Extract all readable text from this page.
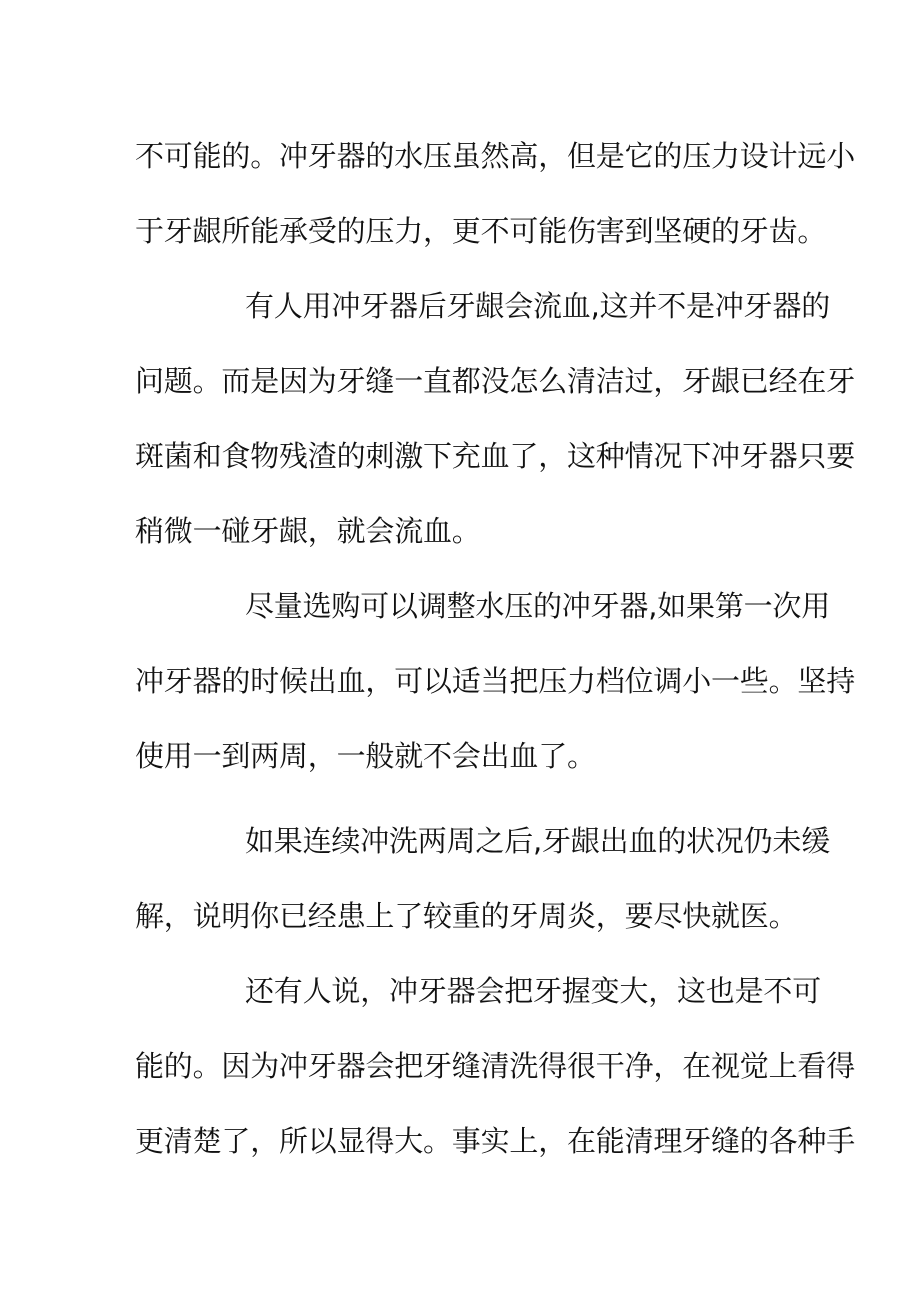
不可能的。冲牙器的水压虽然高，但是它的压力设计远小
于牙龈所能承受的压力，更不可能伤害到坚硬的牙齿。
有人用冲牙器后牙龈会流血,这并不是冲牙器的
问题。而是因为牙缝一直都没怎么清洁过，牙龈已经在牙
斑菌和食物残渣的刺激下充血了，这种情况下冲牙器只要
稍微一碰牙龈，就会流血。
尽量选购可以调整水压的冲牙器,如果第一次用
冲牙器的时候出血，可以适当把压力档位调小一些。坚持
使用一到两周，一般就不会出血了。
如果连续冲洗两周之后,牙龈出血的状况仍未缓
解，说明你已经患上了较重的牙周炎，要尽快就医。
还有人说，冲牙器会把牙握变大，这也是不可
能的。因为冲牙器会把牙缝清洗得很干净，在视觉上看得
更清楚了，所以显得大。事实上，在能清理牙缝的各种手
